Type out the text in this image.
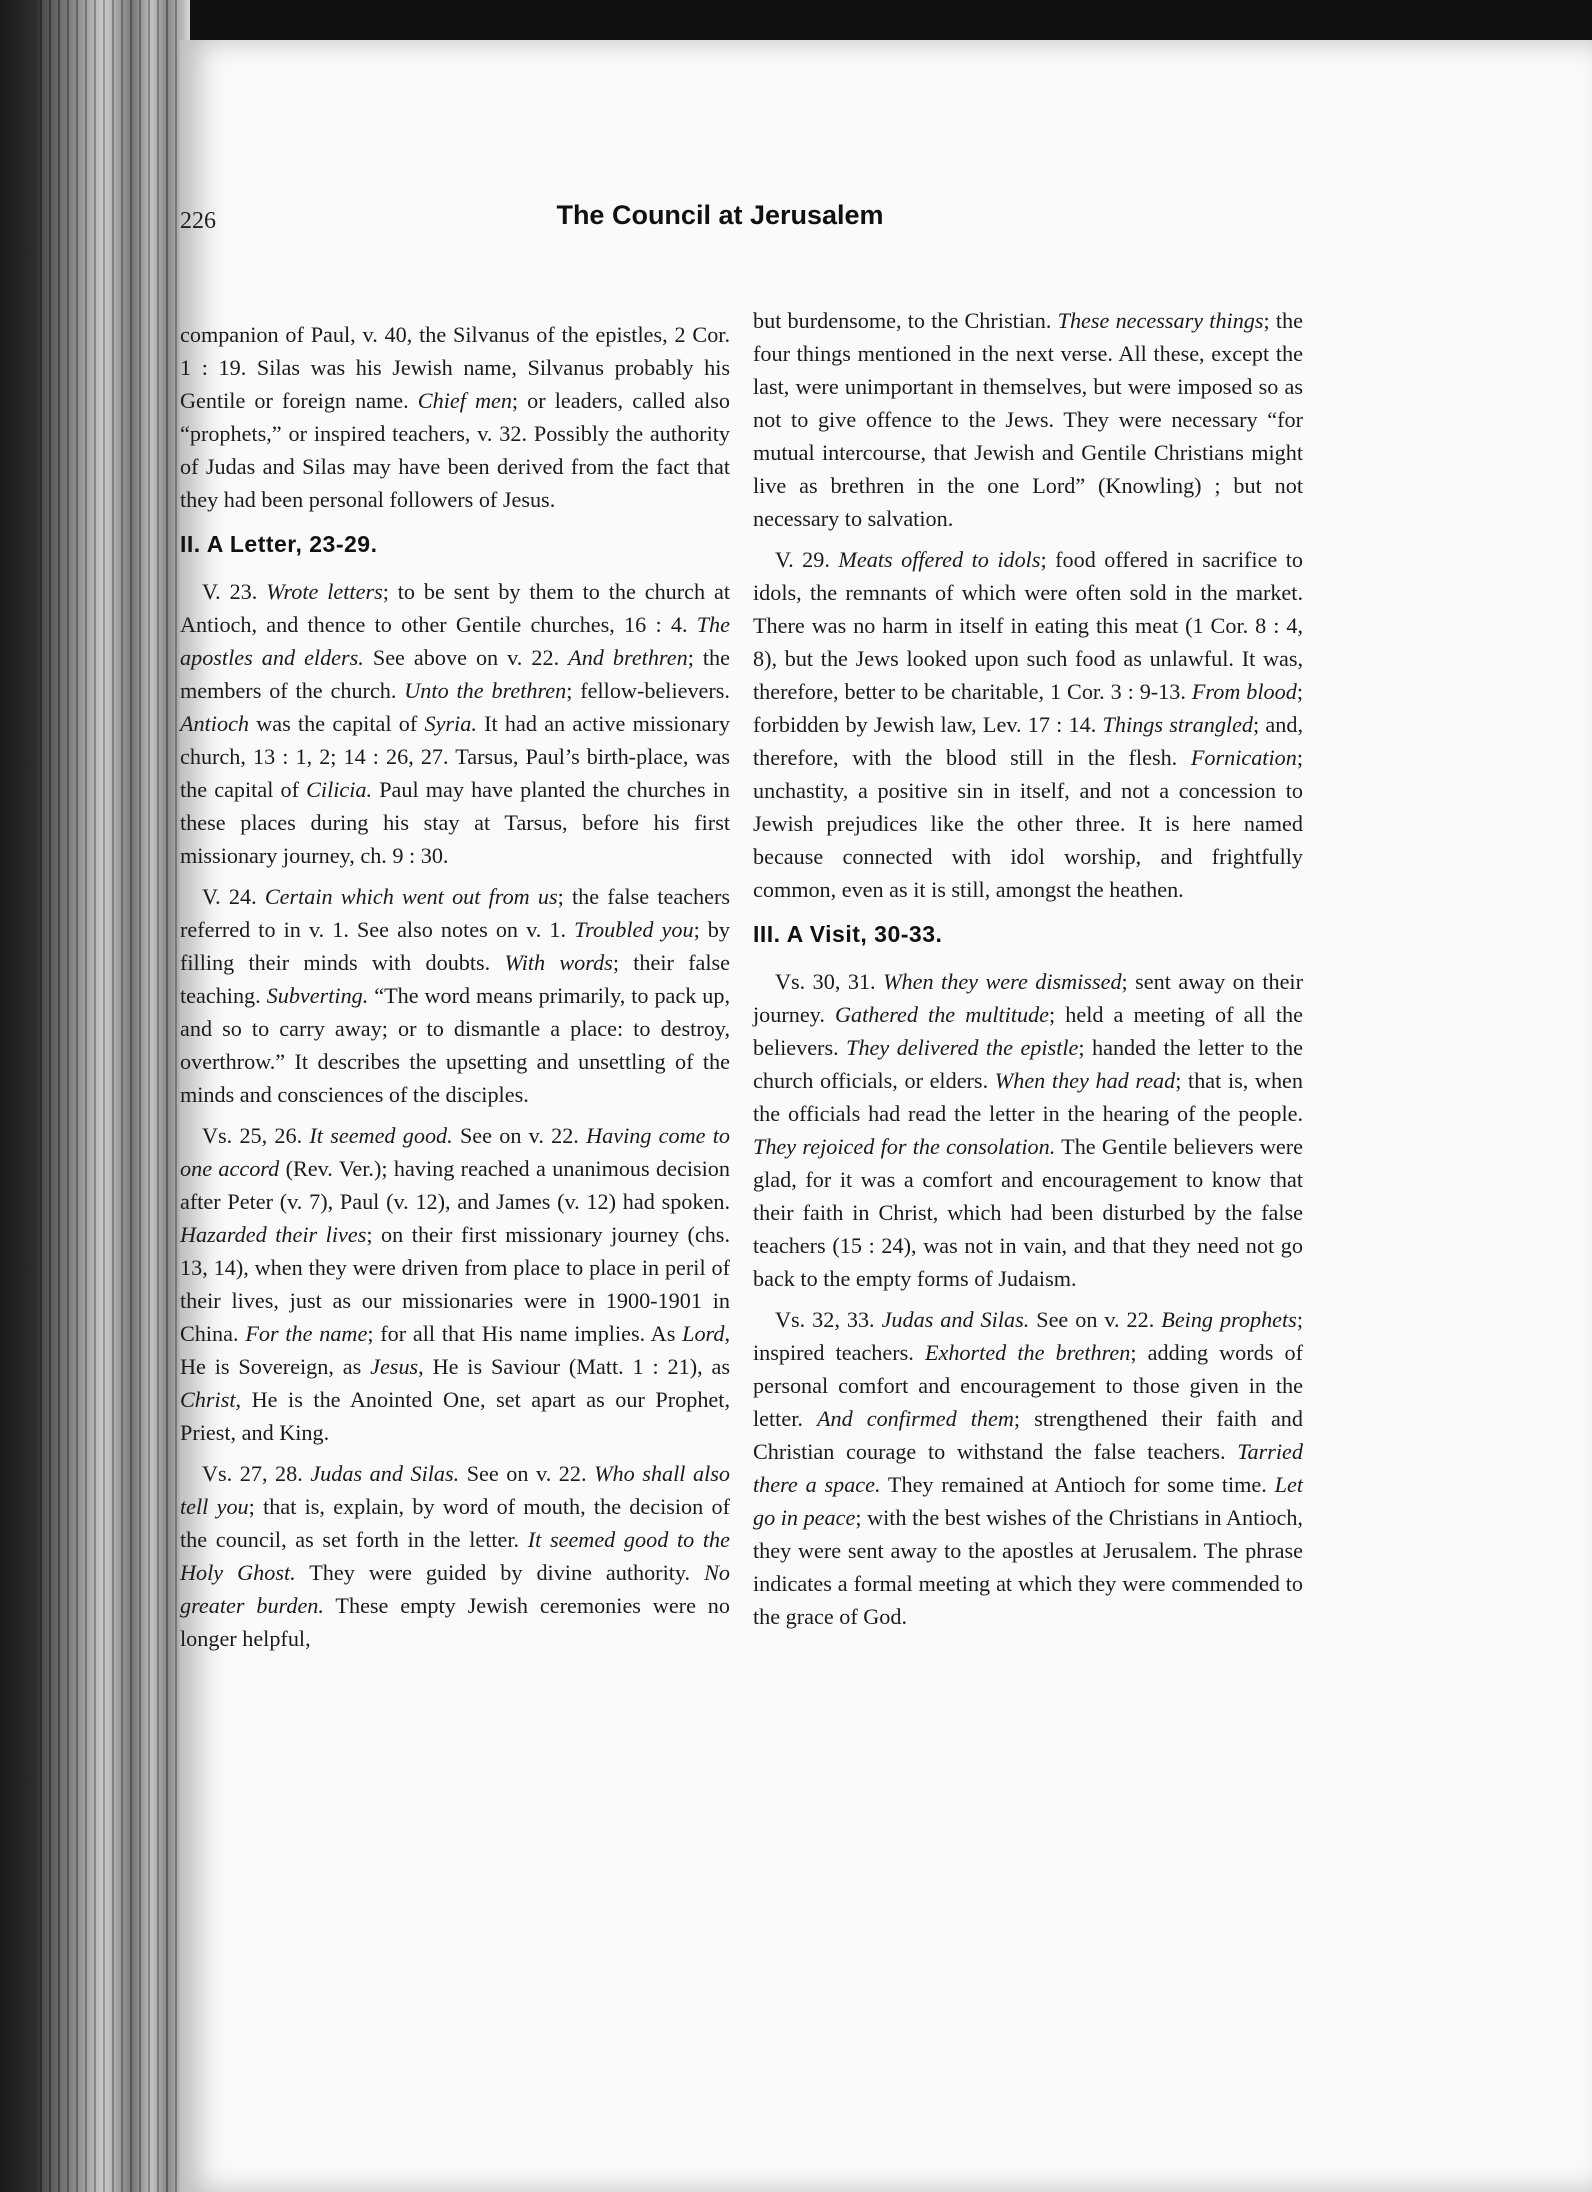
226	The Council at Jerusalem

companion of Paul, v. 40, the Silvanus of the epistles, 2 Cor. 1 : 19. Silas was his Jewish name, Silvanus probably his Gentile or foreign name. Chief men; or leaders, called also “prophets,” or inspired teachers, v. 32. Possibly the authority of Judas and Silas may have been derived from the fact that they had been personal followers of Jesus.

II. A Letter, 23-29.

V. 23. Wrote letters; to be sent by them to the church at Antioch, and thence to other Gentile churches, 16 : 4. The apostles and elders. See above on v. 22. And brethren; the members of the church. Unto the brethren; fellow-believers. Antioch was the capital of Syria. It had an active missionary church, 13 : 1, 2; 14 : 26, 27. Tarsus, Paul’s birth-place, was the capital of Cilicia. Paul may have planted the churches in these places during his stay at Tarsus, before his first missionary journey, ch. 9 : 30.

V. 24. Certain which went out from us; the false teachers referred to in v. 1. See also notes on v. 1. Troubled you; by filling their minds with doubts. With words; their false teaching. Subverting. “The word means primarily, to pack up, and so to carry away; or to dismantle a place: to destroy, overthrow.” It describes the upsetting and unsettling of the minds and consciences of the disciples.

Vs. 25, 26. It seemed good. See on v. 22. Having come to one accord (Rev. Ver.); having reached a unanimous decision after Peter (v. 7), Paul (v. 12), and James (v. 12) had spoken. Hazarded their lives; on their first missionary journey (chs. 13, 14), when they were driven from place to place in peril of their lives, just as our missionaries were in 1900-1901 in China. For the name; for all that His name implies. As Lord, He is Sovereign, as Jesus, He is Saviour (Matt. 1 : 21), as Christ, He is the Anointed One, set apart as our Prophet, Priest, and King.

Vs. 27, 28. Judas and Silas. See on v. 22. Who shall also tell you; that is, explain, by word of mouth, the decision of the council, as set forth in the letter. It seemed good to the Holy Ghost. They were guided by divine authority. No greater burden. These empty Jewish ceremonies were no longer helpful,

but burdensome, to the Christian. These necessary things; the four things mentioned in the next verse. All these, except the last, were unimportant in themselves, but were imposed so as not to give offence to the Jews. They were necessary “for mutual intercourse, that Jewish and Gentile Christians might live as brethren in the one Lord” (Knowling) ; but not necessary to salvation.

V. 29. Meats offered to idols; food offered in sacrifice to idols, the remnants of which were often sold in the market. There was no harm in itself in eating this meat (1 Cor. 8 : 4, 8), but the Jews looked upon such food as unlawful. It was, therefore, better to be charitable, 1 Cor. 3 : 9-13. From blood; forbidden by Jewish law, Lev. 17 : 14. Things strangled; and, therefore, with the blood still in the flesh. Fornication; unchastity, a positive sin in itself, and not a concession to Jewish prejudices like the other three. It is here named because connected with idol worship, and frightfully common, even as it is still, amongst the heathen.

III. A Visit, 30-33.

Vs. 30, 31. When they were dismissed; sent away on their journey. Gathered the multitude; held a meeting of all the believers. They delivered the epistle; handed the letter to the church officials, or elders. When they had read; that is, when the officials had read the letter in the hearing of the people. They rejoiced for the consolation. The Gentile believers were glad, for it was a comfort and encouragement to know that their faith in Christ, which had been disturbed by the false teachers (15 : 24), was not in vain, and that they need not go back to the empty forms of Judaism.

Vs. 32, 33. Judas and Silas. See on v. 22. Being prophets; inspired teachers. Exhorted the brethren; adding words of personal comfort and encouragement to those given in the letter. And confirmed them; strengthened their faith and Christian courage to withstand the false teachers. Tarried there a space. They remained at Antioch for some time. Let go in peace; with the best wishes of the Christians in Antioch, they were sent away to the apostles at Jerusalem. The phrase indicates a formal meeting at which they were commended to the grace of God.
